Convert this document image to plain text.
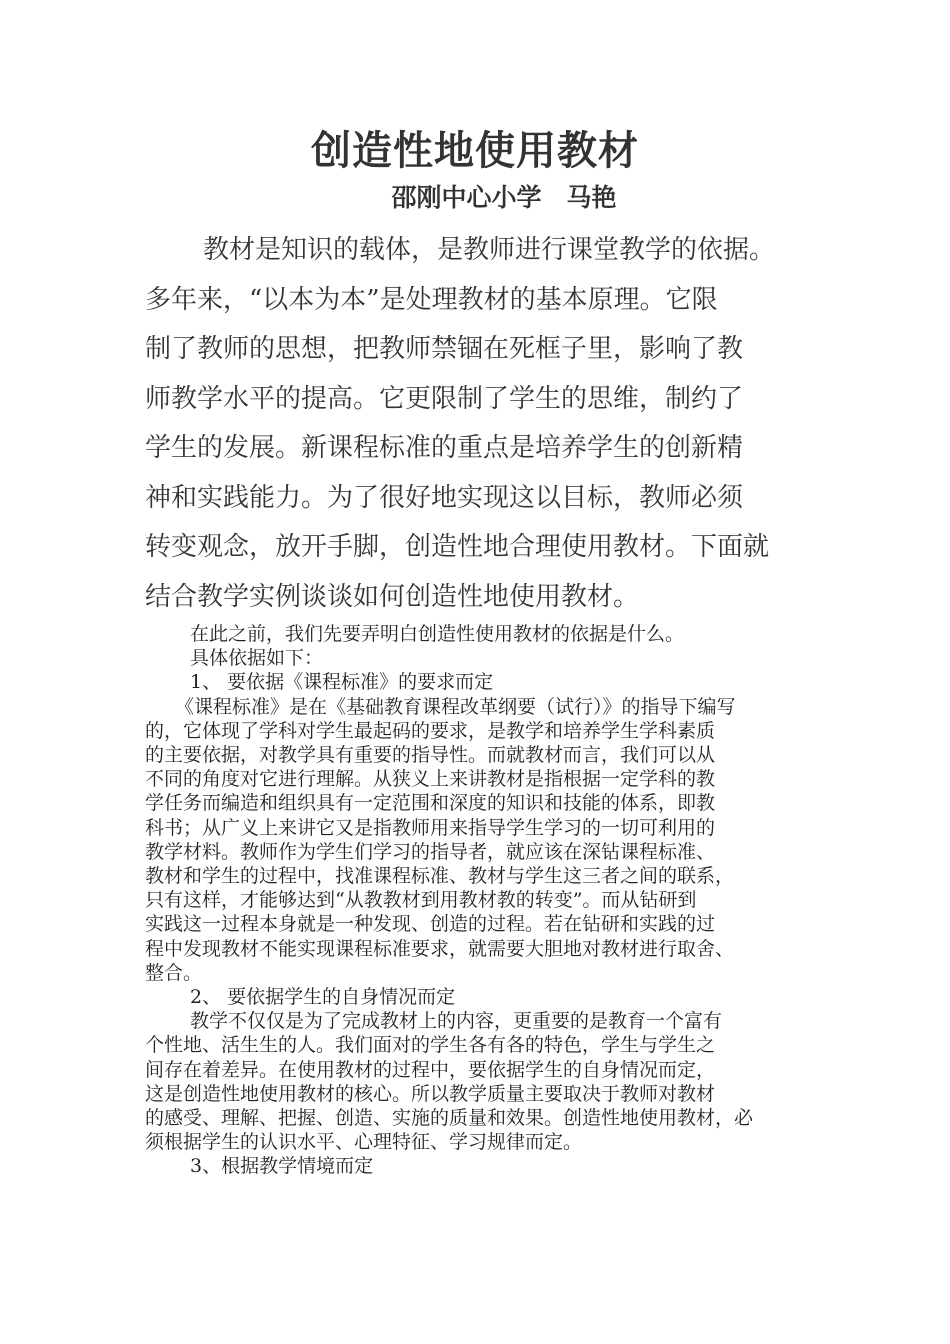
创造性地使用教材
邵刚中心小学　马艳
教材是知识的载体，是教师进行课堂教学的依据。
多年来，“以本为本”是处理教材的基本原理。它限
制了教师的思想，把教师禁锢在死框子里，影响了教
师教学水平的提高。它更限制了学生的思维，制约了
学生的发展。新课程标准的重点是培养学生的创新精
神和实践能力。为了很好地实现这以目标，教师必须
转变观念，放开手脚，创造性地合理使用教材。下面就
结合教学实例谈谈如何创造性地使用教材。
在此之前，我们先要弄明白创造性使用教材的依据是什么。
具体依据如下：
1、 要依据《课程标准》的要求而定
《课程标准》是在《基础教育课程改革纲要（试行）》的指导下编写
的，它体现了学科对学生最起码的要求，是教学和培养学生学科素质
的主要依据，对教学具有重要的指导性。而就教材而言，我们可以从
不同的角度对它进行理解。从狭义上来讲教材是指根据一定学科的教
学任务而编造和组织具有一定范围和深度的知识和技能的体系，即教
科书；从广义上来讲它又是指教师用来指导学生学习的一切可利用的
教学材料。教师作为学生们学习的指导者，就应该在深钻课程标准、
教材和学生的过程中，找准课程标准、教材与学生这三者之间的联系，
只有这样，才能够达到“从教教材到用教材教的转变”。而从钻研到
实践这一过程本身就是一种发现、创造的过程。若在钻研和实践的过
程中发现教材不能实现课程标准要求，就需要大胆地对教材进行取舍、
整合。
2、 要依据学生的自身情况而定
教学不仅仅是为了完成教材上的内容，更重要的是教育一个富有
个性地、活生生的人。我们面对的学生各有各的特色，学生与学生之
间存在着差异。在使用教材的过程中，要依据学生的自身情况而定，
这是创造性地使用教材的核心。所以教学质量主要取决于教师对教材
的感受、理解、把握、创造、实施的质量和效果。创造性地使用教材，必
须根据学生的认识水平、心理特征、学习规律而定。
3、根据教学情境而定
